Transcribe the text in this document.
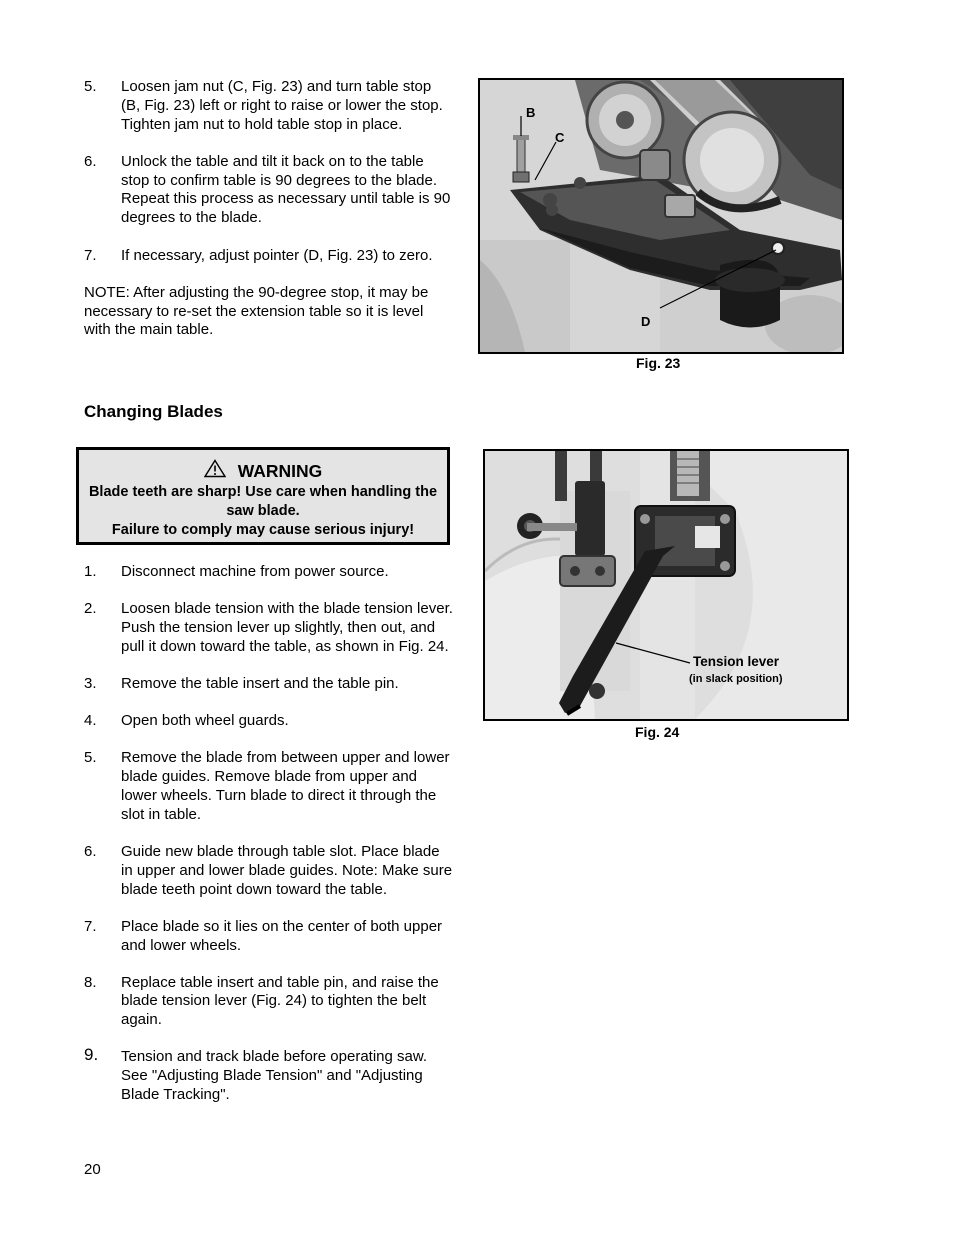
5. Loosen jam nut (C, Fig. 23) and turn table stop (B, Fig. 23) left or right to raise or lower the stop. Tighten jam nut to hold table stop in place.
6. Unlock the table and tilt it back on to the table stop to confirm table is 90 degrees to the blade. Repeat this process as necessary until table is 90 degrees to the blade.
7. If necessary, adjust pointer (D, Fig. 23) to zero.

NOTE: After adjusting the 90-degree stop, it may be necessary to re-set the extension table so it is level with the main table.

Changing Blades
WARNING
Blade teeth are sharp! Use care when handling the saw blade.
Failure to comply may cause serious injury!
1. Disconnect machine from power source.
2. Loosen blade tension with the blade tension lever. Push the tension lever up slightly, then out, and pull it down toward the table, as shown in Fig. 24.
3. Remove the table insert and the table pin.
4. Open both wheel guards.
5. Remove the blade from between upper and lower blade guides. Remove blade from upper and lower wheels. Turn blade to direct it through the slot in table.
6. Guide new blade through table slot. Place blade in upper and lower blade guides. Note: Make sure blade teeth point down toward the table.
7. Place blade so it lies on the center of both upper and lower wheels.
8. Replace table insert and table pin, and raise the blade tension lever (Fig. 24) to tighten the belt again.
9. Tension and track blade before operating saw. See "Adjusting Blade Tension" and "Adjusting Blade Tracking".
20
B
C
D
Fig. 23
Tension lever
(in slack position)
Fig. 24
